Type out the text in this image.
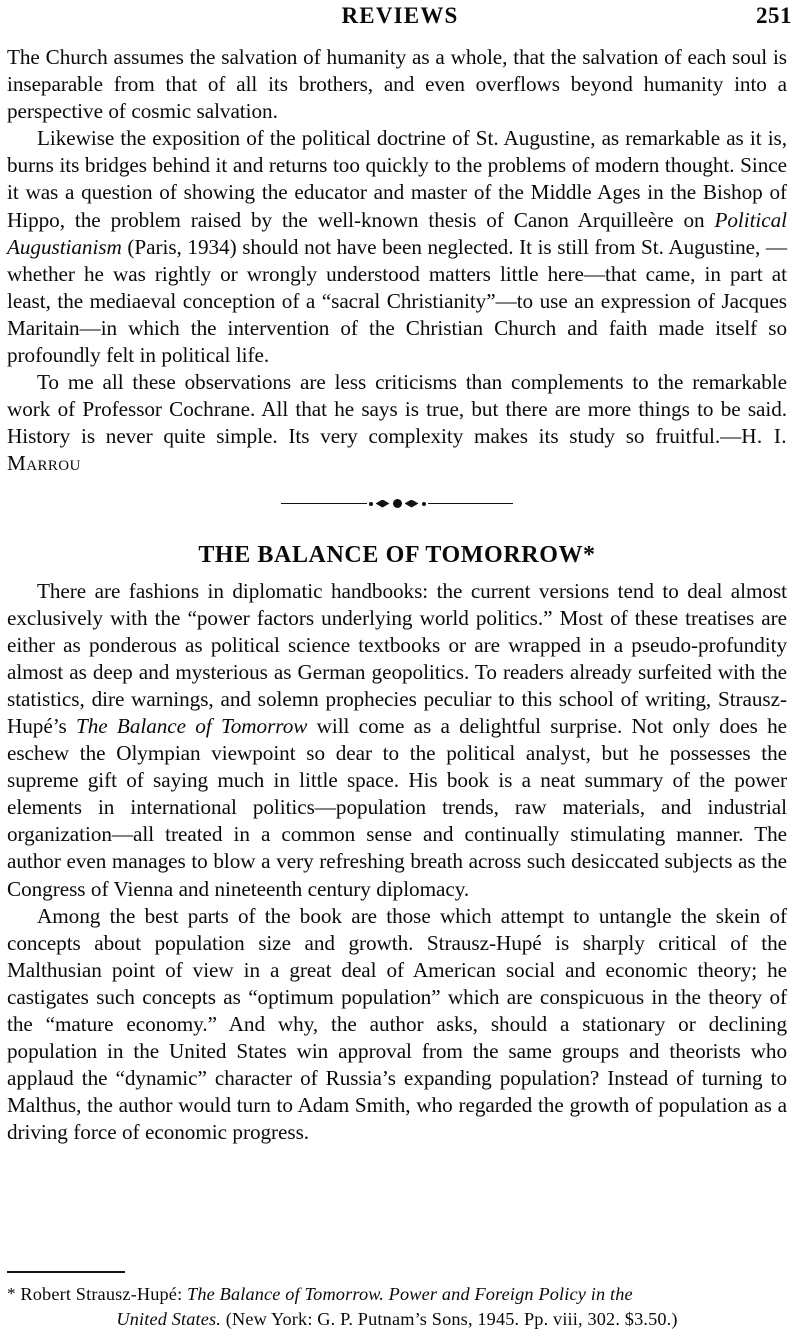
REVIEWS	251

The Church assumes the salvation of humanity as a whole, that the salvation of each soul is inseparable from that of all its brothers, and even overflows beyond humanity into a perspective of cosmic salvation.

Likewise the exposition of the political doctrine of St. Augustine, as remarkable as it is, burns its bridges behind it and returns too quickly to the problems of modern thought. Since it was a question of showing the educator and master of the Middle Ages in the Bishop of Hippo, the problem raised by the well-known thesis of Canon Arquilleère on Political Augustianism (Paris, 1934) should not have been neglected. It is still from St. Augustine, —whether he was rightly or wrongly understood matters little here—that came, in part at least, the mediaeval conception of a “sacral Christianity”—to use an expression of Jacques Maritain—in which the intervention of the Christian Church and faith made itself so profoundly felt in political life.

To me all these observations are less criticisms than complements to the remarkable work of Professor Cochrane. All that he says is true, but there are more things to be said. History is never quite simple. Its very complexity makes its study so fruitful.—H. I. Marrou

THE BALANCE OF TOMORROW*

There are fashions in diplomatic handbooks: the current versions tend to deal almost exclusively with the “power factors underlying world politics.” Most of these treatises are either as ponderous as political science textbooks or are wrapped in a pseudo-profundity almost as deep and mysterious as German geopolitics. To readers already surfeited with the statistics, dire warnings, and solemn prophecies peculiar to this school of writing, Strausz-Hupé’s The Balance of Tomorrow will come as a delightful surprise. Not only does he eschew the Olympian viewpoint so dear to the political analyst, but he possesses the supreme gift of saying much in little space. His book is a neat summary of the power elements in international politics—population trends, raw materials, and industrial organization—all treated in a common sense and continually stimulating manner. The author even manages to blow a very refreshing breath across such desiccated subjects as the Congress of Vienna and nineteenth century diplomacy.

Among the best parts of the book are those which attempt to untangle the skein of concepts about population size and growth. Strausz-Hupé is sharply critical of the Malthusian point of view in a great deal of American social and economic theory; he castigates such concepts as “optimum population” which are conspicuous in the theory of the “mature economy.” And why, the author asks, should a stationary or declining population in the United States win approval from the same groups and theorists who applaud the “dynamic” character of Russia’s expanding population? Instead of turning to Malthus, the author would turn to Adam Smith, who regarded the growth of population as a driving force of economic progress.

* Robert Strausz-Hupé: The Balance of Tomorrow. Power and Foreign Policy in the

United States. (New York: G. P. Putnam’s Sons, 1945. Pp. viii, 302. $3.50.)
